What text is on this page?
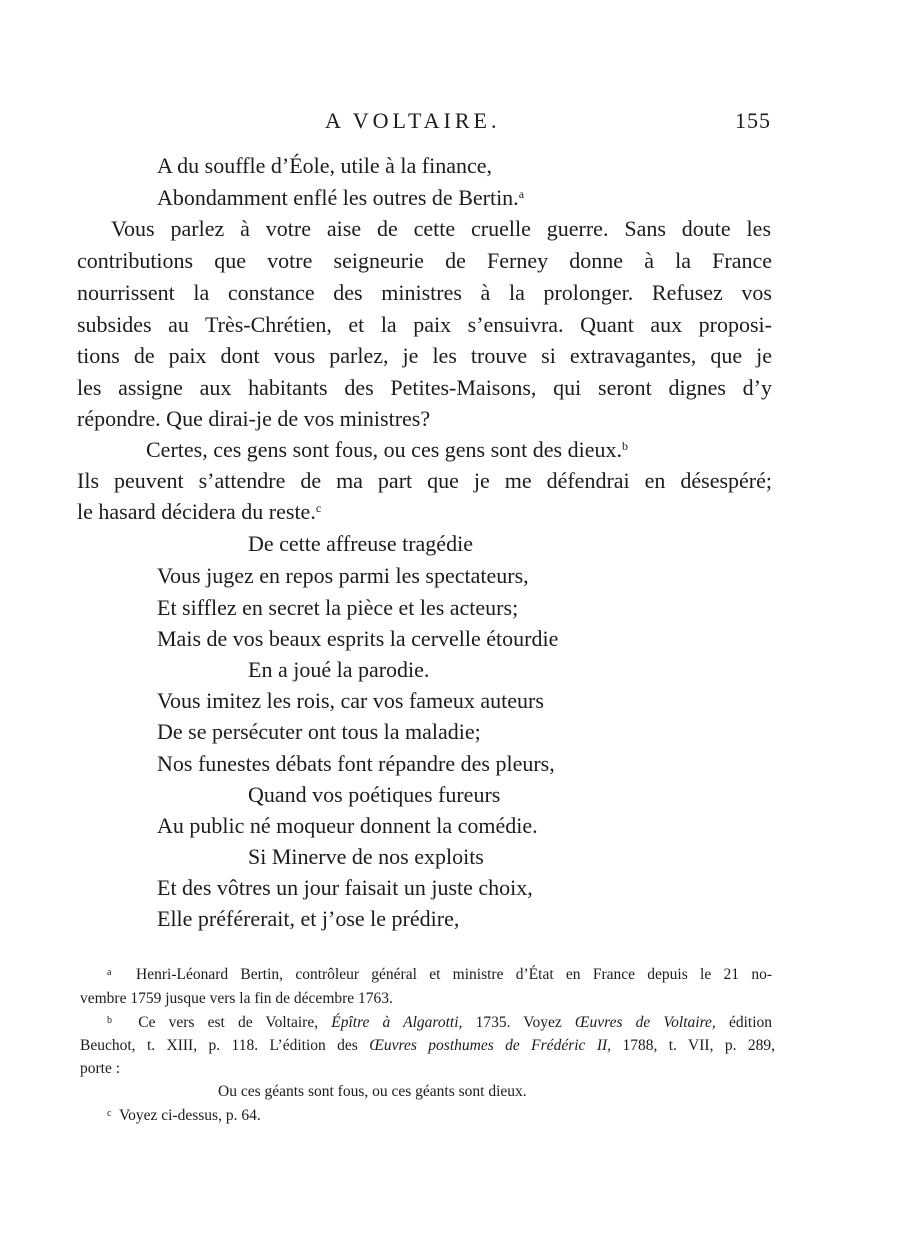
A VOLTAIRE.	155
A du souffle d’Éole, utile à la finance,
Abondamment enflé les outres de Bertin.$^a$
Vous parlez à votre aise de cette cruelle guerre. Sans doute les
contributions que votre seigneurie de Ferney donne à la France
nourrissent la constance des ministres à la prolonger. Refusez vos
subsides au Très-Chrétien, et la paix s’ensuivra. Quant aux proposi-
tions de paix dont vous parlez, je les trouve si extravagantes, que je
les assigne aux habitants des Petites-Maisons, qui seront dignes d’y
répondre. Que dirai-je de vos ministres?
Certes, ces gens sont fous, ou ces gens sont des dieux.$^b$
Ils peuvent s’attendre de ma part que je me défendrai en désespéré;
le hasard décidera du reste.$^c$
De cette affreuse tragédie
Vous jugez en repos parmi les spectateurs,
Et sifflez en secret la pièce et les acteurs;
Mais de vos beaux esprits la cervelle étourdie
En a joué la parodie.
Vous imitez les rois, car vos fameux auteurs
De se persécuter ont tous la maladie;
Nos funestes débats font répandre des pleurs,
Quand vos poétiques fureurs
Au public né moqueur donnent la comédie.
Si Minerve de nos exploits
Et des vôtres un jour faisait un juste choix,
Elle préférerait, et j’ose le prédire,
$^a$ Henri-Léonard Bertin, contrôleur général et ministre d’État en France depuis le 21 no-
vembre 1759 jusque vers la fin de décembre 1763.
$^b$ Ce vers est de Voltaire, Épître à Algarotti, 1735. Voyez Œuvres de Voltaire, édition
Beuchot, t. XIII, p. 118. L’édition des Œuvres posthumes de Frédéric II, 1788, t. VII, p. 289,
porte :
Ou ces géants sont fous, ou ces géants sont dieux.
$^c$ Voyez ci-dessus, p. 64.
